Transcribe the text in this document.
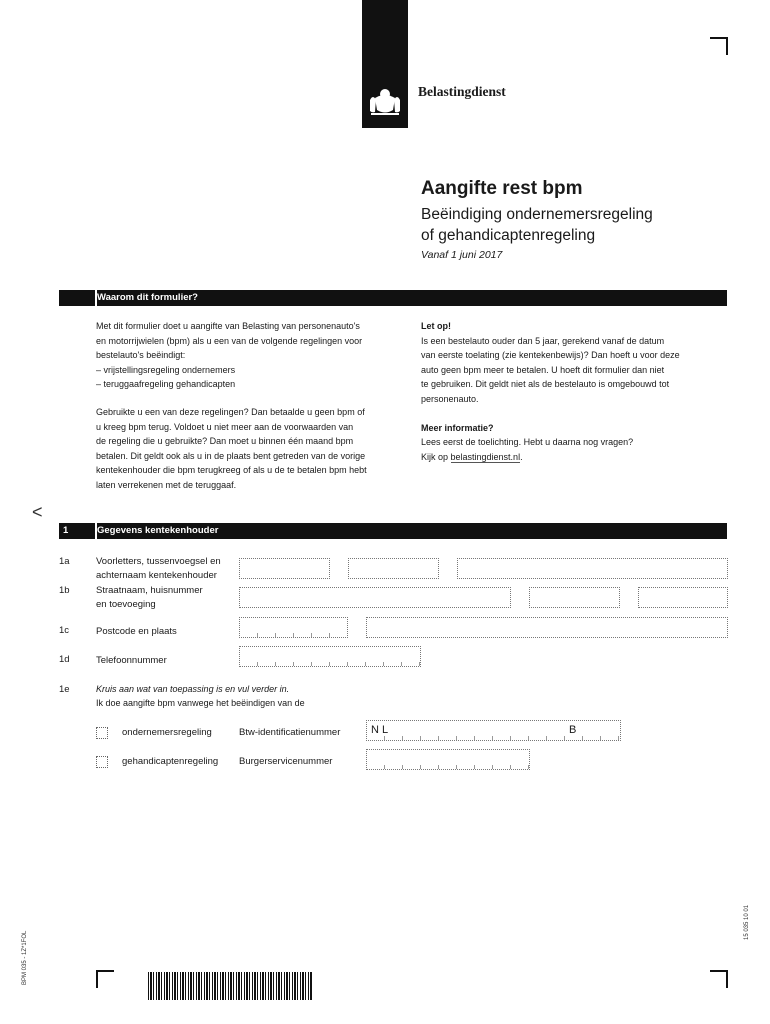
Belastingdienst
Aangifte rest bpm
Beëindiging ondernemersregeling
of gehandicaptenregeling
Vanaf 1 juni 2017
Waarom dit formulier?
Met dit formulier doet u aangifte van Belasting van personenauto's
en motorrijwielen (bpm) als u een van de volgende regelingen voor
bestelauto's beëindigt:
– vrijstellingsregeling ondernemers
– teruggaafregeling gehandicapten
Gebruikte u een van deze regelingen? Dan betaalde u geen bpm of
u kreeg bpm terug. Voldoet u niet meer aan de voorwaarden van
de regeling die u gebruikte? Dan moet u binnen één maand bpm
betalen. Dit geldt ook als u in de plaats bent getreden van de vorige
kentekenhouder die bpm terugkreeg of als u de te betalen bpm hebt
laten verrekenen met de teruggaaf.
Let op!
Is een bestelauto ouder dan 5 jaar, gerekend vanaf de datum
van eerste toelating (zie kentekenbewijs)? Dan hoeft u voor deze
auto geen bpm meer te betalen. U hoeft dit formulier dan niet
te gebruiken. Dit geldt niet als de bestelauto is omgebouwd tot
personenauto.
Meer informatie?
Lees eerst de toelichting. Hebt u daarna nog vragen?
Kijk op belastingdienst.nl.
<
1	Gegevens kentekenhouder
1a	Voorletters, tussenvoegsel en
achternaam kentekenhouder
1b	Straatnaam, huisnummer
en toevoeging
1c	Postcode en plaats
1d	Telefoonnummer
1e	Kruis aan wat van toepassing is en vul verder in.
Ik doe aangifte bpm vanwege het beëindigen van de
ondernemersregeling	Btw-identificatienummer	N L	B
gehandicaptenregeling Burgerservicenummer
BPM 035 - 1Z*1FOL
15 035 10 01
